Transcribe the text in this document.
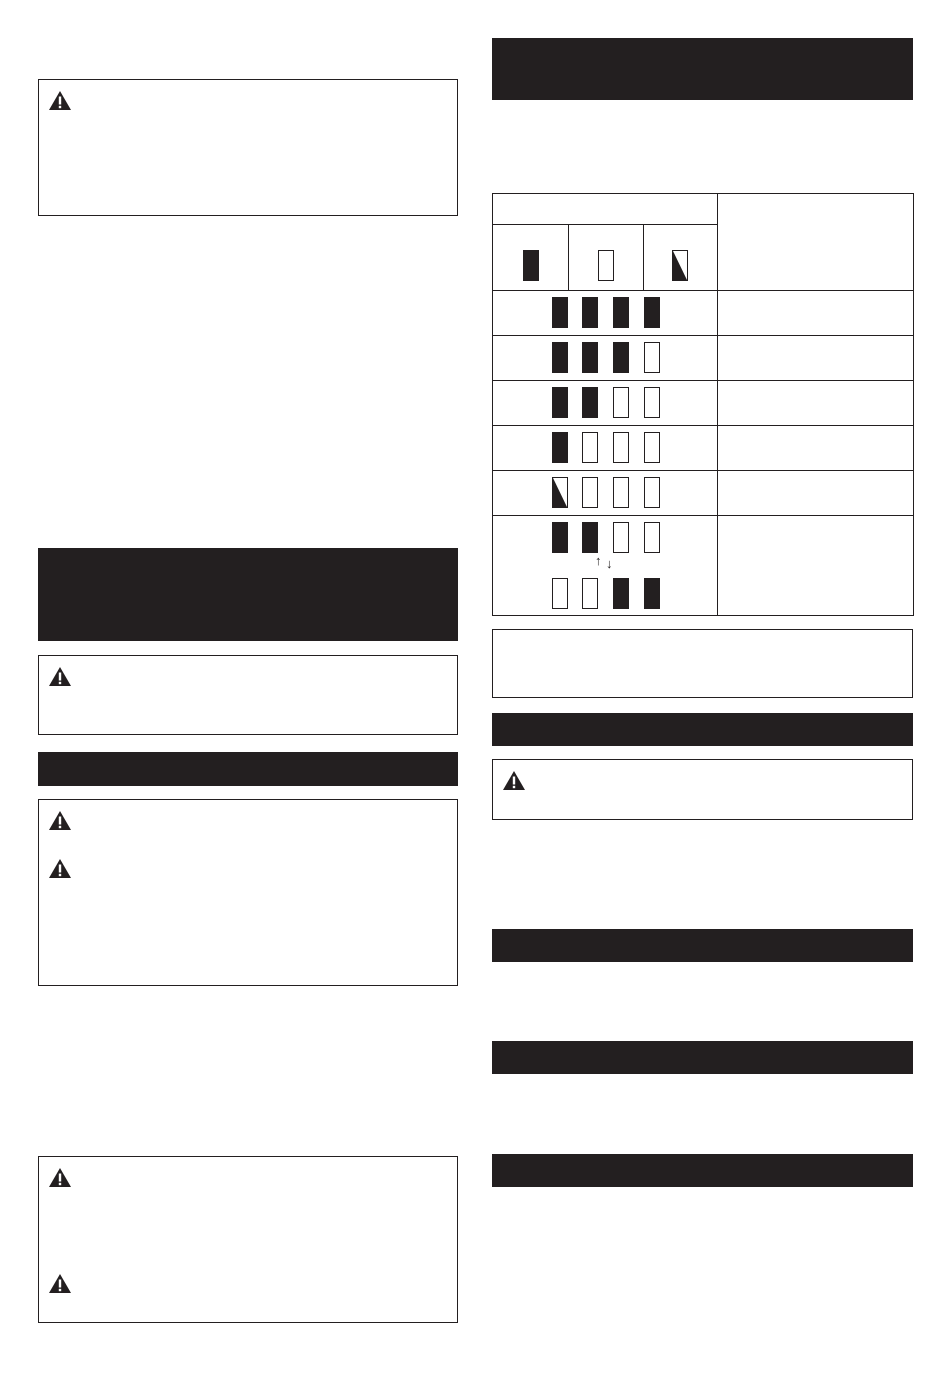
↑ ↓			
